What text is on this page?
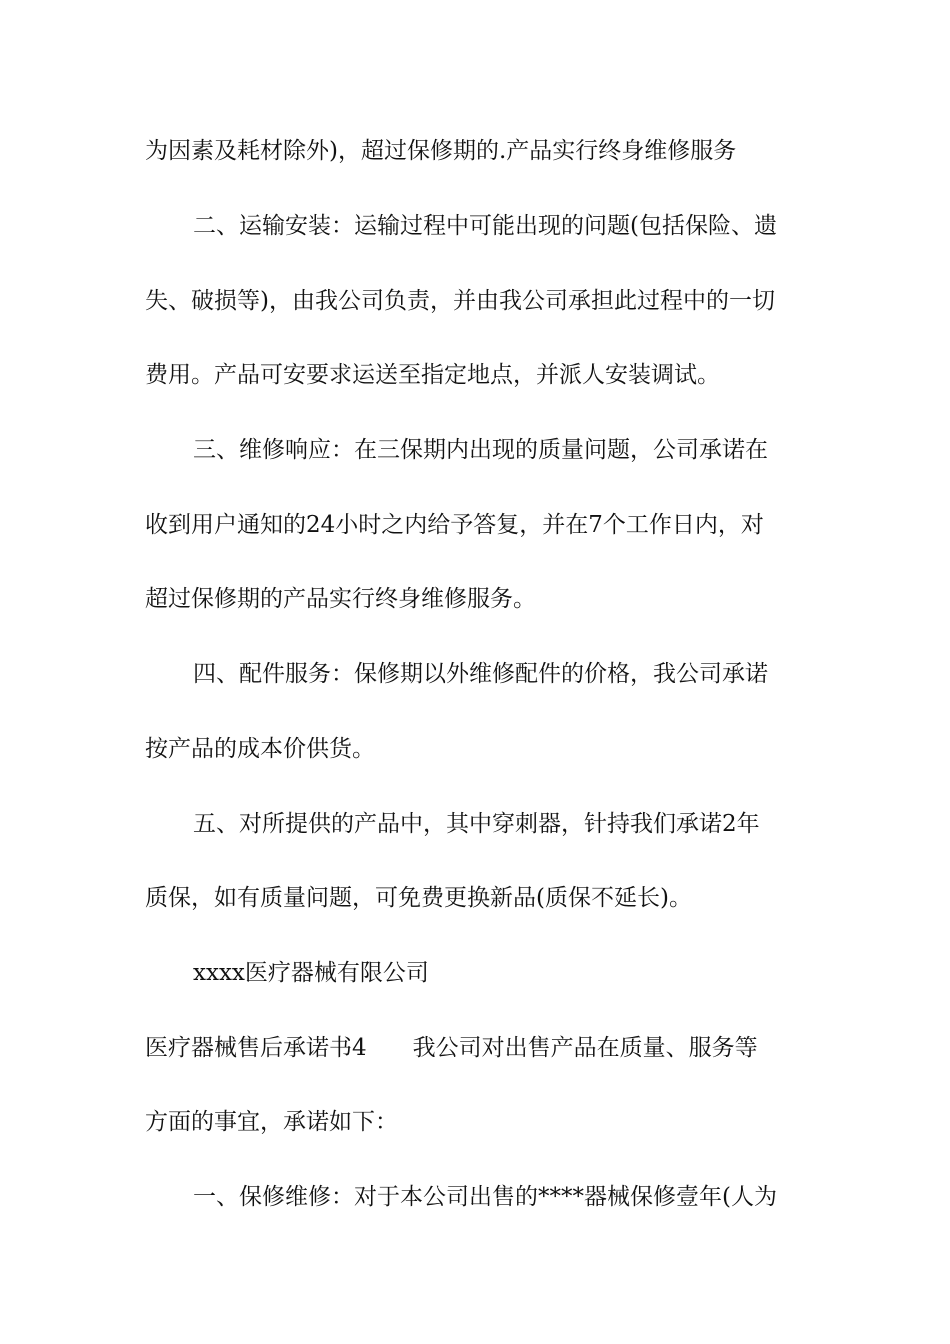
为因素及耗材除外)，超过保修期的.产品实行终身维修服务
二、运输安装：运输过程中可能出现的问题(包括保险、遗
失、破损等)，由我公司负责，并由我公司承担此过程中的一切
费用。产品可安要求运送至指定地点，并派人安装调试。
三、维修响应：在三保期内出现的质量问题，公司承诺在
收到用户通知的24小时之内给予答复，并在7个工作日内，对
超过保修期的产品实行终身维修服务。
四、配件服务：保修期以外维修配件的价格，我公司承诺
按产品的成本价供货。
五、对所提供的产品中，其中穿刺器，针持我们承诺2年
质保，如有质量问题，可免费更换新品(质保不延长)。
xxxx医疗器械有限公司
医疗器械售后承诺书4　　我公司对出售产品在质量、服务等
方面的事宜，承诺如下：
一、保修维修：对于本公司出售的****器械保修壹年(人为
